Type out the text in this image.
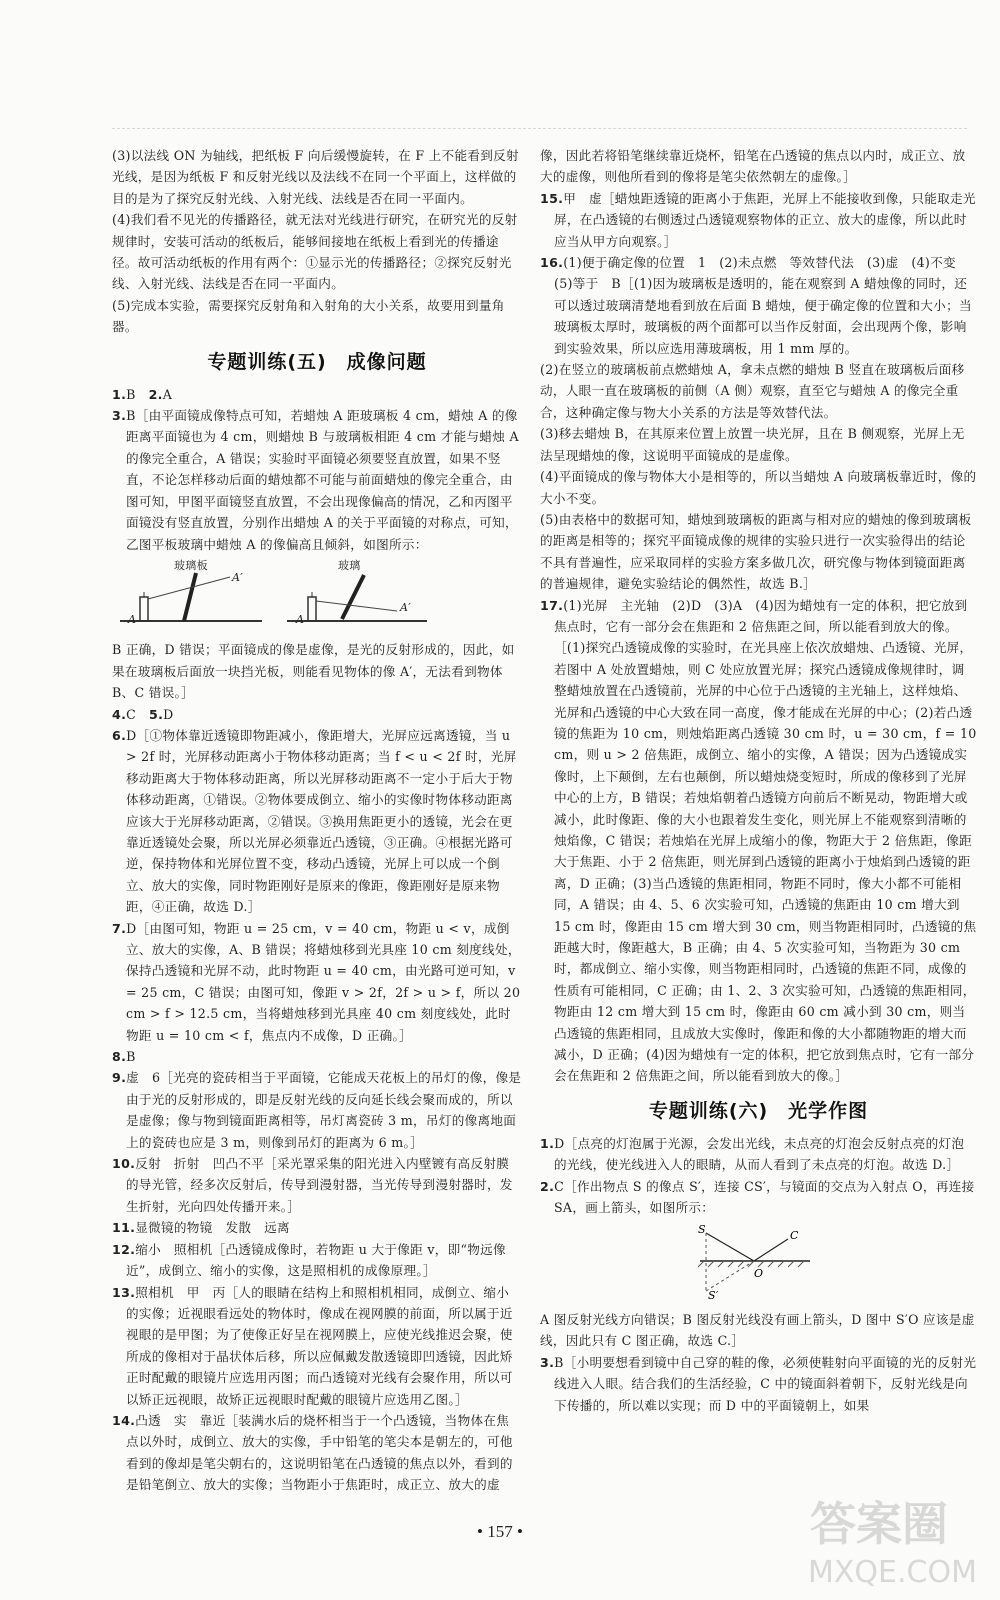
(3)以法线 ON 为轴线，把纸板 F 向后缓慢旋转，在 F 上不能看到反射光线，是因为纸板 F 和反射光线以及法线不在同一个平面上，这样做的目的是为了探究反射光线、入射光线、法线是否在同一平面内。

(4)我们看不见光的传播路径，就无法对光线进行研究，在研究光的反射规律时，安装可活动的纸板后，能够间接地在纸板上看到光的传播途径。故可活动纸板的作用有两个：①显示光的传播路径；②探究反射光线、入射光线、法线是否在同一平面内。

(5)完成本实验，需要探究反射角和入射角的大小关系，故要用到量角器。

专题训练(五)　成像问题

1.B　2.A

3.B［由平面镜成像特点可知，若蜡烛 A 距玻璃板 4 cm，蜡烛 A 的像距离平面镜也为 4 cm，则蜡烛 B 与玻璃板相距 4 cm 才能与蜡烛 A 的像完全重合，A 错误；实验时平面镜必须要竖直放置，如果不竖直，不论怎样移动后面的蜡烛都不可能与前面蜡烛的像完全重合，由图可知，甲图平面镜竖直放置，不会出现像偏高的情况，乙和丙图平面镜没有竖直放置，分别作出蜡烛 A 的关于平面镜的对称点，可知，乙图平板玻璃中蜡烛 A 的像偏高且倾斜，如图所示：

玻璃板
A′
A
玻璃
A′
A

B 正确，D 错误；平面镜成的像是虚像，是光的反射形成的，因此，如果在玻璃板后面放一块挡光板，则能看见物体的像 A′，无法看到物体 B、C 错误。］

4.C　5.D

6.D［①物体靠近透镜即物距减小，像距增大，光屏应远离透镜，当 u > 2f 时，光屏移动距离小于物体移动距离；当 f < u < 2f 时，光屏移动距离大于物体移动距离，所以光屏移动距离不一定小于后大于物体移动距离，①错误。②物体要成倒立、缩小的实像时物体移动距离应该大于光屏移动距离，②错误。③换用焦距更小的透镜，光会在更靠近透镜处会聚，所以光屏必须靠近凸透镜，③正确。④根据光路可逆，保持物体和光屏位置不变，移动凸透镜，光屏上可以成一个倒立、放大的实像，同时物距刚好是原来的像距，像距刚好是原来物距，④正确，故选 D.］

7.D［由图可知，物距 u = 25 cm，v = 40 cm，物距 u < v，成倒立、放大的实像，A、B 错误；将蜡烛移到光具座 10 cm 刻度线处，保持凸透镜和光屏不动，此时物距 u = 40 cm，由光路可逆可知，v = 25 cm，C 错误；由图可知，像距 v > 2f，2f > u > f，所以 20 cm > f > 12.5 cm，当将蜡烛移到光具座 40 cm 刻度线处，此时物距 u = 10 cm < f，焦点内不成像，D 正确。］

8.B

9.虚　6［光亮的瓷砖相当于平面镜，它能成天花板上的吊灯的像，像是由于光的反射形成的，即是反射光线的反向延长线会聚而成的，所以是虚像；像与物到镜面距离相等，吊灯离瓷砖 3 m，吊灯的像离地面上的瓷砖也应是 3 m，则像到吊灯的距离为 6 m。］

10.反射　折射　凹凸不平［采光罩采集的阳光进入内壁镀有高反射膜的导光管，经多次反射后，传导到漫射器，当光传导到漫射器时，发生折射，光向四处传播开来。］

11.显微镜的物镜　发散　远离

12.缩小　照相机［凸透镜成像时，若物距 u 大于像距 v，即“物远像近”，成倒立、缩小的实像，这是照相机的成像原理。］

13.照相机　甲　丙［人的眼睛在结构上和照相机相同，成倒立、缩小的实像；近视眼看远处的物体时，像成在视网膜的前面，所以属于近视眼的是甲图；为了使像正好呈在视网膜上，应使光线推迟会聚，使所成的像相对于晶状体后移，所以应佩戴发散透镜即凹透镜，因此矫正时配戴的眼镜片应选用丙图；而凸透镜对光线有会聚作用，所以可以矫正远视眼，故矫正远视眼时配戴的眼镜片应选用乙图。］

14.凸透　实　靠近［装满水后的烧杯相当于一个凸透镜，当物体在焦点以外时，成倒立、放大的实像，手中铅笔的笔尖本是朝左的，可他看到的像却是笔尖朝右的，这说明铅笔在凸透镜的焦点以外，看到的是铅笔倒立、放大的实像；当物距小于焦距时，成正立、放大的虚

像，因此若将铅笔继续靠近烧杯，铅笔在凸透镜的焦点以内时，成正立、放大的虚像，则他所看到的像将是笔尖依然朝左的虚像。］

15.甲　虚［蜡烛距透镜的距离小于焦距，光屏上不能接收到像，只能取走光屏，在凸透镜的右侧透过凸透镜观察物体的正立、放大的虚像，所以此时应当从甲方向观察。］

16.(1)便于确定像的位置　1　(2)未点燃　等效替代法　(3)虚　(4)不变　(5)等于　B［(1)因为玻璃板是透明的，能在观察到 A 蜡烛像的同时，还可以透过玻璃清楚地看到放在后面 B 蜡烛，便于确定像的位置和大小；当玻璃板太厚时，玻璃板的两个面都可以当作反射面，会出现两个像，影响到实验效果，所以应选用薄玻璃板，用 1 mm 厚的。

(2)在竖立的玻璃板前点燃蜡烛 A，拿未点燃的蜡烛 B 竖直在玻璃板后面移动，人眼一直在玻璃板的前侧（A 侧）观察，直至它与蜡烛 A 的像完全重合，这种确定像与物大小关系的方法是等效替代法。

(3)移去蜡烛 B，在其原来位置上放置一块光屏，且在 B 侧观察，光屏上无法呈现蜡烛的像，这说明平面镜成的是虚像。

(4)平面镜成的像与物体大小是相等的，所以当蜡烛 A 向玻璃板靠近时，像的大小不变。

(5)由表格中的数据可知，蜡烛到玻璃板的距离与相对应的蜡烛的像到玻璃板的距离是相等的；探究平面镜成像的规律的实验只进行一次实验得出的结论不具有普遍性，应采取同样的实验方案多做几次，研究像与物体到镜面距离的普遍规律，避免实验结论的偶然性，故选 B.］

17.(1)光屏　主光轴　(2)D　(3)A　(4)因为蜡烛有一定的体积，把它放到焦点时，它有一部分会在焦距和 2 倍焦距之间，所以能看到放大的像。［(1)探究凸透镜成像的实验时，在光具座上依次放蜡烛、凸透镜、光屏，若图中 A 处放置蜡烛，则 C 处应放置光屏；探究凸透镜成像规律时，调整蜡烛放置在凸透镜前，光屏的中心位于凸透镜的主光轴上，这样烛焰、光屏和凸透镜的中心大致在同一高度，像才能成在光屏的中心；(2)若凸透镜的焦距为 10 cm，则烛焰距离凸透镜 30 cm 时，u = 30 cm，f = 10 cm，则 u > 2 倍焦距，成倒立、缩小的实像，A 错误；因为凸透镜成实像时，上下颠倒，左右也颠倒，所以蜡烛烧变短时，所成的像移到了光屏中心的上方，B 错误；若烛焰朝着凸透镜方向前后不断晃动，物距增大或减小，此时像距、像的大小也跟着发生变化，则光屏上不能观察到清晰的烛焰像，C 错误；若烛焰在光屏上成缩小的像，物距大于 2 倍焦距，像距大于焦距、小于 2 倍焦距，则光屏到凸透镜的距离小于烛焰到凸透镜的距离，D 正确；(3)当凸透镜的焦距相同，物距不同时，像大小都不可能相同，A 错误；由 4、5、6 次实验可知，凸透镜的焦距由 10 cm 增大到 15 cm 时，像距由 15 cm 增大到 30 cm，则当物距相同时，凸透镜的焦距越大时，像距越大，B 正确；由 4、5 次实验可知，当物距为 30 cm 时，都成倒立、缩小实像，则当物距相同时，凸透镜的焦距不同，成像的性质有可能相同，C 正确；由 1、2、3 次实验可知，凸透镜的焦距相同，物距由 12 cm 增大到 15 cm 时，像距由 60 cm 减小到 30 cm，则当凸透镜的焦距相同，且成放大实像时，像距和像的大小都随物距的增大而减小，D 正确；(4)因为蜡烛有一定的体积，把它放到焦点时，它有一部分会在焦距和 2 倍焦距之间，所以能看到放大的像。］

专题训练(六)　光学作图

1.D［点亮的灯泡属于光源，会发出光线，未点亮的灯泡会反射点亮的灯泡的光线，使光线进入人的眼睛，从而人看到了未点亮的灯泡。故选 D.］

2.C［作出物点 S 的像点 S′，连接 CS′，与镜面的交点为入射点 O，再连接 SA，画上箭头，如图所示：

S	C
O
S′

A 图反射光线方向错误；B 图反射光线没有画上箭头，D 图中 S′O 应该是虚线，因此只有 C 图正确，故选 C.］

3.B［小明要想看到镜中自己穿的鞋的像，必须使鞋射向平面镜的光的反射光线进入人眼。结合我们的生活经验，C 中的镜面斜着朝下，反射光线是向下传播的，所以难以实现；而 D 中的平面镜朝上，如果

• 157 •	答案圈
MXQE.COM
